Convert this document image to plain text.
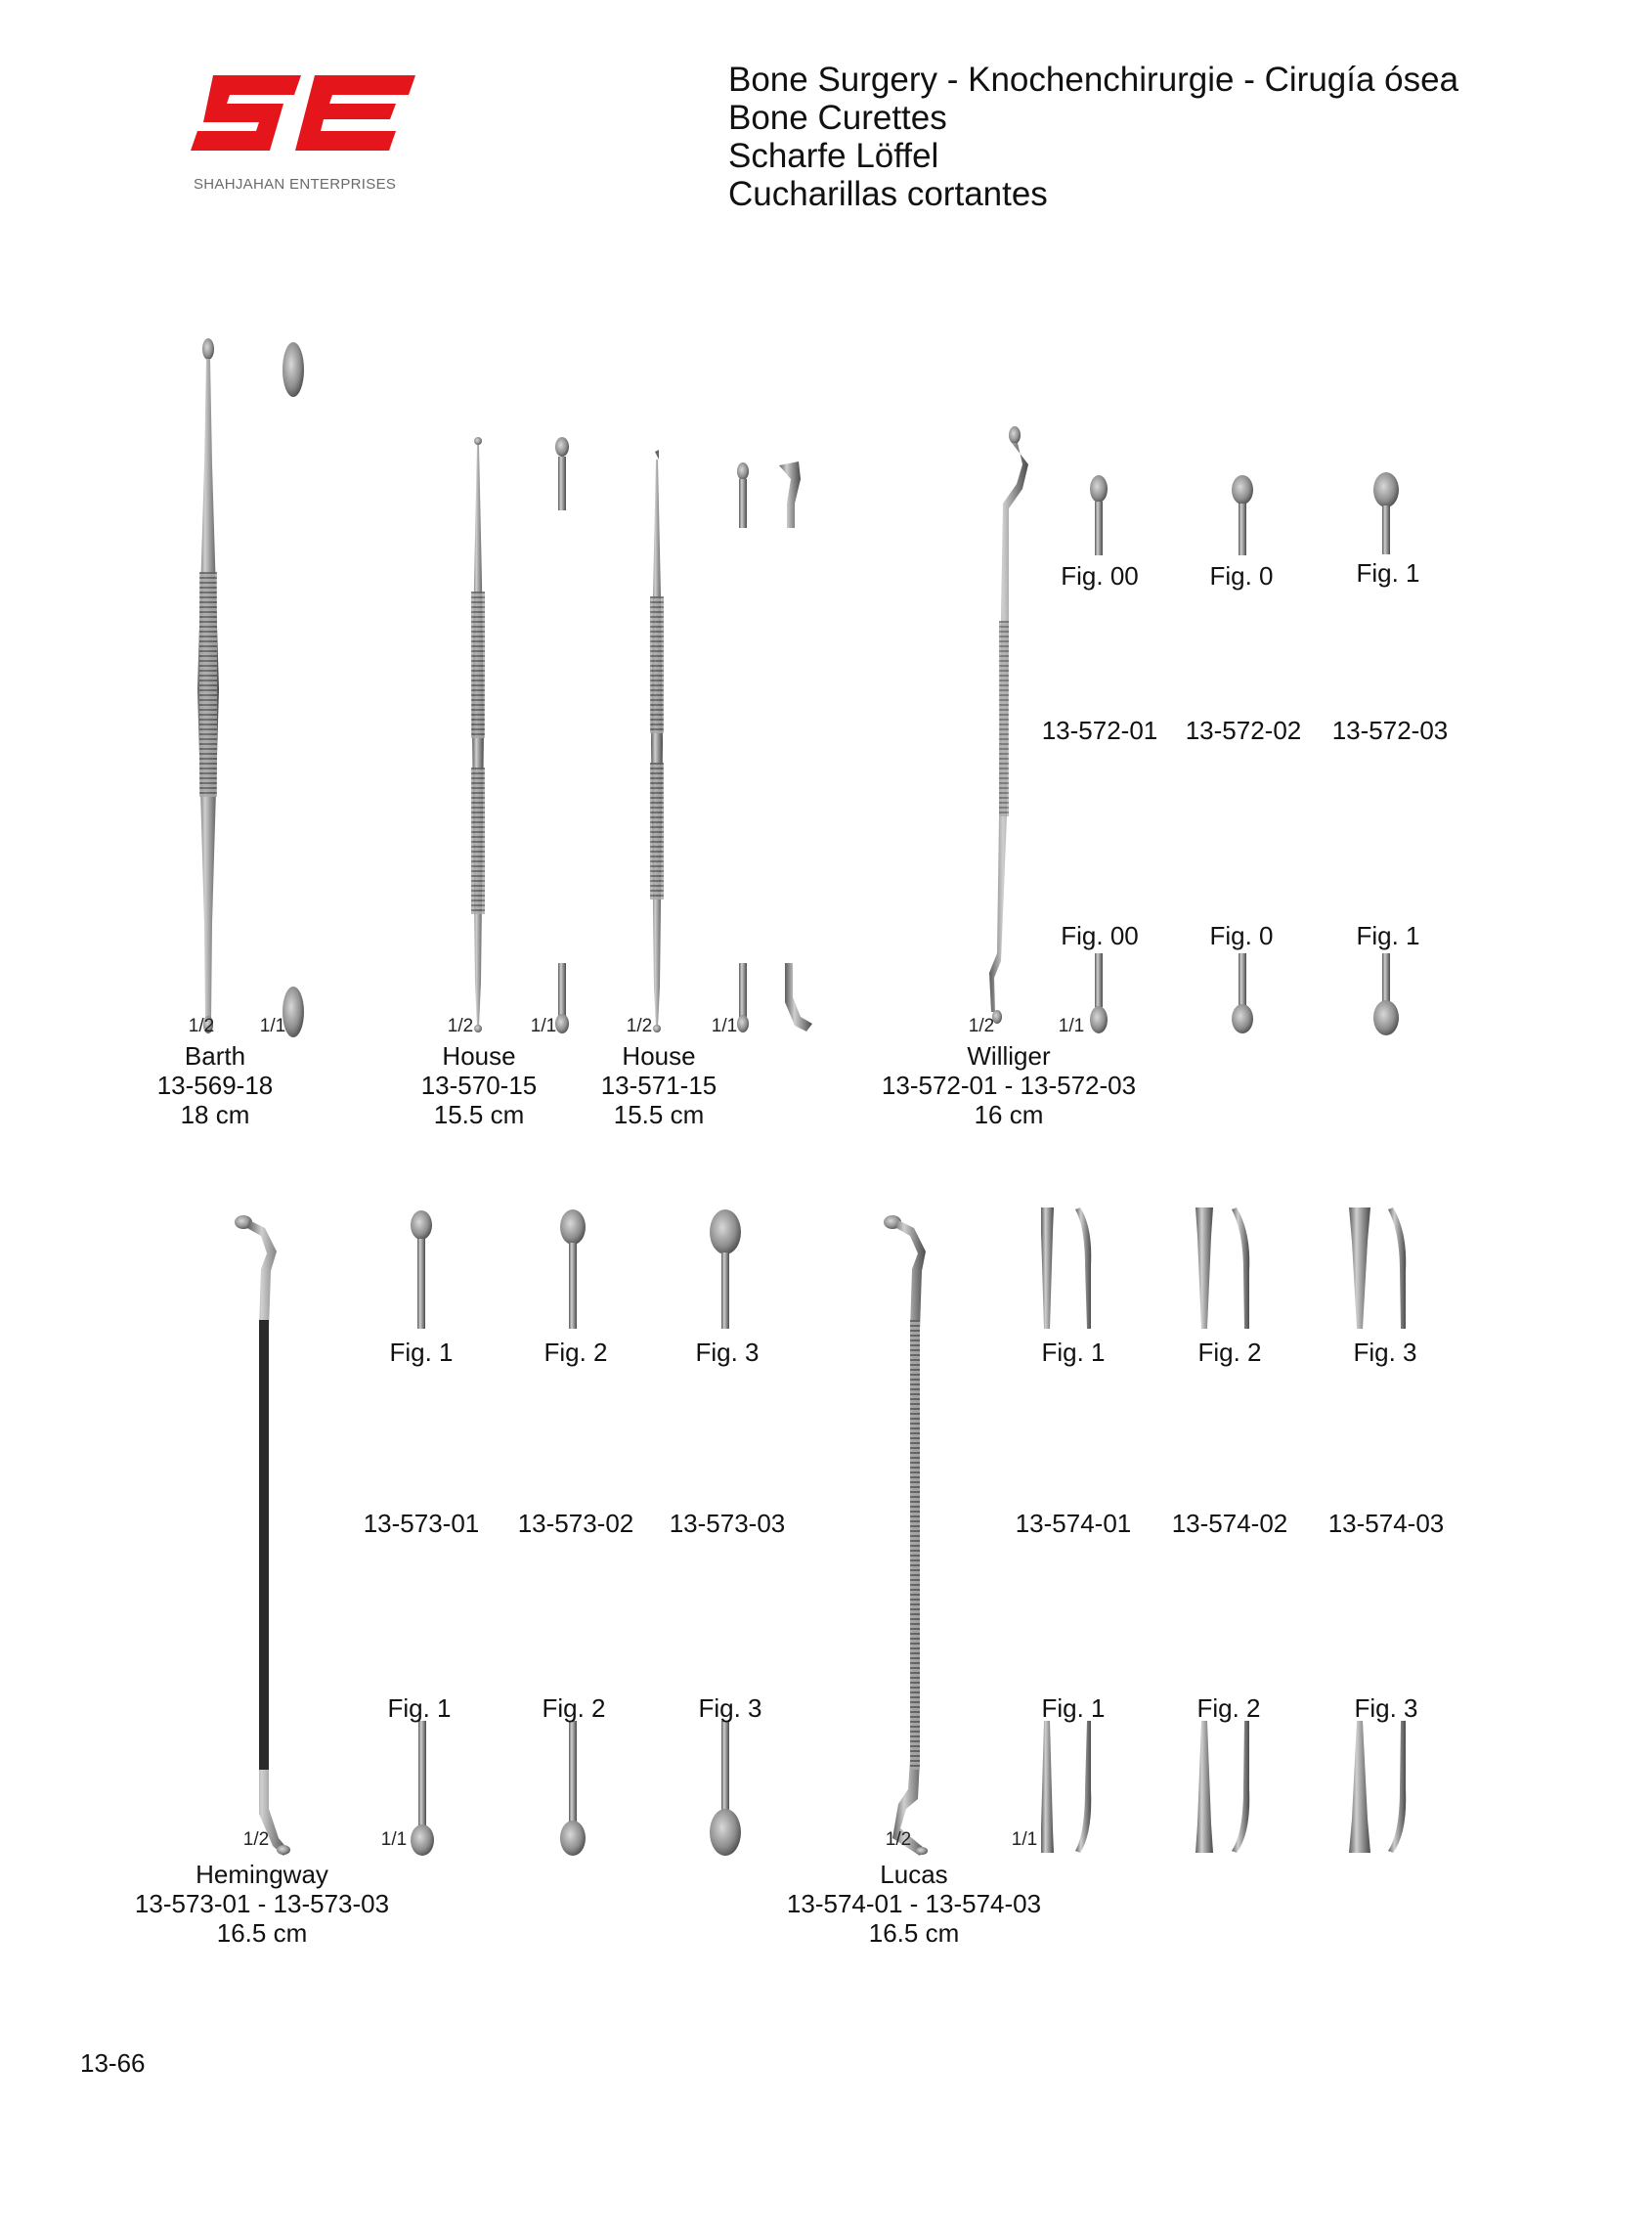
SHAHJAHAN ENTERPRISES
Bone Surgery - Knochenchirurgie - Cirugía ósea
Bone Curettes
Scharfe Löffel
Cucharillas cortantes
1/2 1/1	1/2	1/1	1/2	1/1	1/2	1/1
Fig. 00	Fig. 0	Fig. 1
13-572-01 13-572-02 13-572-03
Fig. 00	Fig. 0	Fig. 1
Barth
13-569-18
18 cm
House
13-570-15
15.5 cm
House
13-571-15
15.5 cm
Williger
13-572-01 - 13-572-03
16 cm
1/2	1/1	1/2	1/1
Fig. 1	Fig. 2	Fig. 3
13-573-01 13-573-02 13-573-03
Fig. 1	Fig. 2	Fig. 3
Fig. 1	Fig. 2	Fig. 3
13-574-01 13-574-02 13-574-03
Fig. 1	Fig. 2	Fig. 3
Hemingway
13-573-01 - 13-573-03
16.5 cm
Lucas
13-574-01 - 13-574-03
16.5 cm
13-66
